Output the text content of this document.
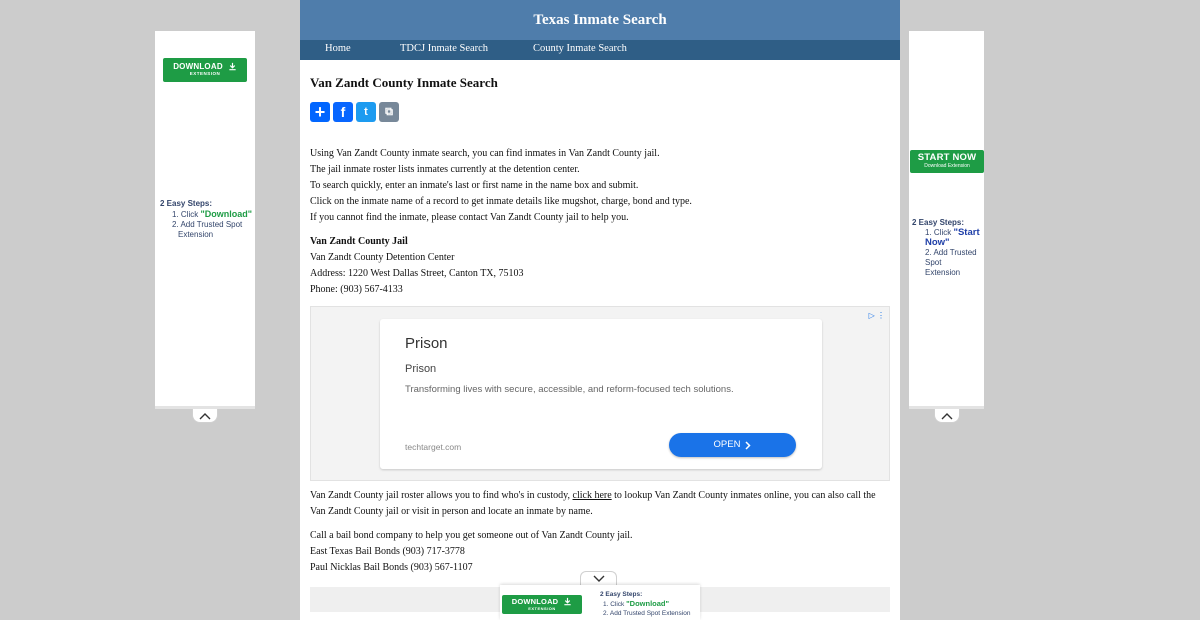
DOWNLOAD
EXTENSION
2 Easy Steps:
1. Click "Download"
2. Add Trusted Spot
Extension
START NOW
Download Extension
2 Easy Steps:
1. Click "Start
Now"
2. Add Trusted
Spot
Extension
Texas Inmate Search
Home	TDCJ Inmate Search	County Inmate Search
Van Zandt County Inmate Search
+	f	t	⧉
Using Van Zandt County inmate search, you can find inmates in Van Zandt County jail.
The jail inmate roster lists inmates currently at the detention center.
To search quickly, enter an inmate's last or first name in the name box and submit.
Click on the inmate name of a record to get inmate details like mugshot, charge, bond and type.
If you cannot find the inmate, please contact Van Zandt County jail to help you.
Van Zandt County Jail
Van Zandt County Detention Center
Address: 1220 West Dallas Street, Canton TX, 75103
Phone: (903) 567-4133
▷ ⋮
Prison
Prison
Transforming lives with secure, accessible, and reform-focused tech solutions.
techtarget.com	OPEN
Van Zandt County jail roster allows you to find who's in custody, click here to lookup Van Zandt County inmates online, you can also call the
Van Zandt County jail or visit in person and locate an inmate by name.
Call a bail bond company to help you get someone out of Van Zandt County jail.
East Texas Bail Bonds (903) 717-3778
Paul Nicklas Bail Bonds (903) 567-1107
DOWNLOAD
EXTENSION
2 Easy Steps:
1. Click "Download"
2. Add Trusted Spot Extension
